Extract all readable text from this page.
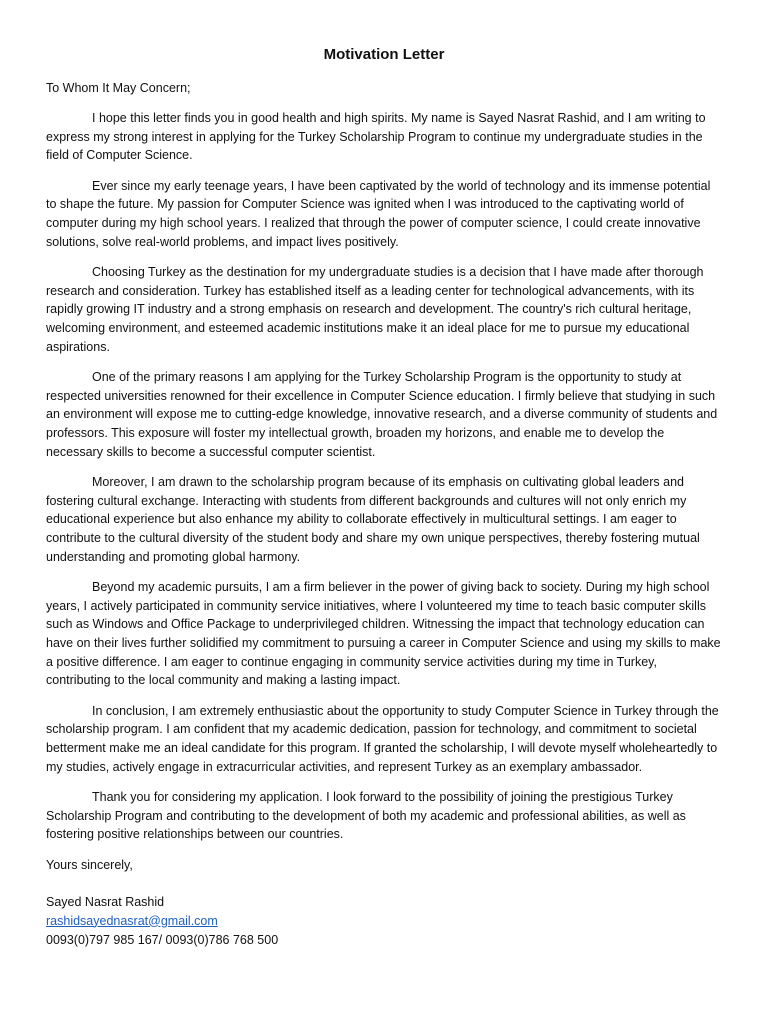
Motivation Letter
To Whom It May Concern;

I hope this letter finds you in good health and high spirits. My name is Sayed Nasrat Rashid, and I am writing to express my strong interest in applying for the Turkey Scholarship Program to continue my undergraduate studies in the field of Computer Science.

Ever since my early teenage years, I have been captivated by the world of technology and its immense potential to shape the future. My passion for Computer Science was ignited when I was introduced to the captivating world of computer during my high school years. I realized that through the power of computer science, I could create innovative solutions, solve real-world problems, and impact lives positively.

Choosing Turkey as the destination for my undergraduate studies is a decision that I have made after thorough research and consideration. Turkey has established itself as a leading center for technological advancements, with its rapidly growing IT industry and a strong emphasis on research and development. The country's rich cultural heritage, welcoming environment, and esteemed academic institutions make it an ideal place for me to pursue my educational aspirations.

One of the primary reasons I am applying for the Turkey Scholarship Program is the opportunity to study at respected universities renowned for their excellence in Computer Science education. I firmly believe that studying in such an environment will expose me to cutting-edge knowledge, innovative research, and a diverse community of students and professors. This exposure will foster my intellectual growth, broaden my horizons, and enable me to develop the necessary skills to become a successful computer scientist.

Moreover, I am drawn to the scholarship program because of its emphasis on cultivating global leaders and fostering cultural exchange. Interacting with students from different backgrounds and cultures will not only enrich my educational experience but also enhance my ability to collaborate effectively in multicultural settings. I am eager to contribute to the cultural diversity of the student body and share my own unique perspectives, thereby fostering mutual understanding and promoting global harmony.

Beyond my academic pursuits, I am a firm believer in the power of giving back to society. During my high school years, I actively participated in community service initiatives, where I volunteered my time to teach basic computer skills such as Windows and Office Package to underprivileged children. Witnessing the impact that technology education can have on their lives further solidified my commitment to pursuing a career in Computer Science and using my skills to make a positive difference. I am eager to continue engaging in community service activities during my time in Turkey, contributing to the local community and making a lasting impact.

In conclusion, I am extremely enthusiastic about the opportunity to study Computer Science in Turkey through the scholarship program. I am confident that my academic dedication, passion for technology, and commitment to societal betterment make me an ideal candidate for this program. If granted the scholarship, I will devote myself wholeheartedly to my studies, actively engage in extracurricular activities, and represent Turkey as an exemplary ambassador.

Thank you for considering my application. I look forward to the possibility of joining the prestigious Turkey Scholarship Program and contributing to the development of both my academic and professional abilities, as well as fostering positive relationships between our countries.

Yours sincerely,
Sayed Nasrat Rashid
rashidsayednasrat@gmail.com
0093(0)797 985 167/ 0093(0)786 768 500
